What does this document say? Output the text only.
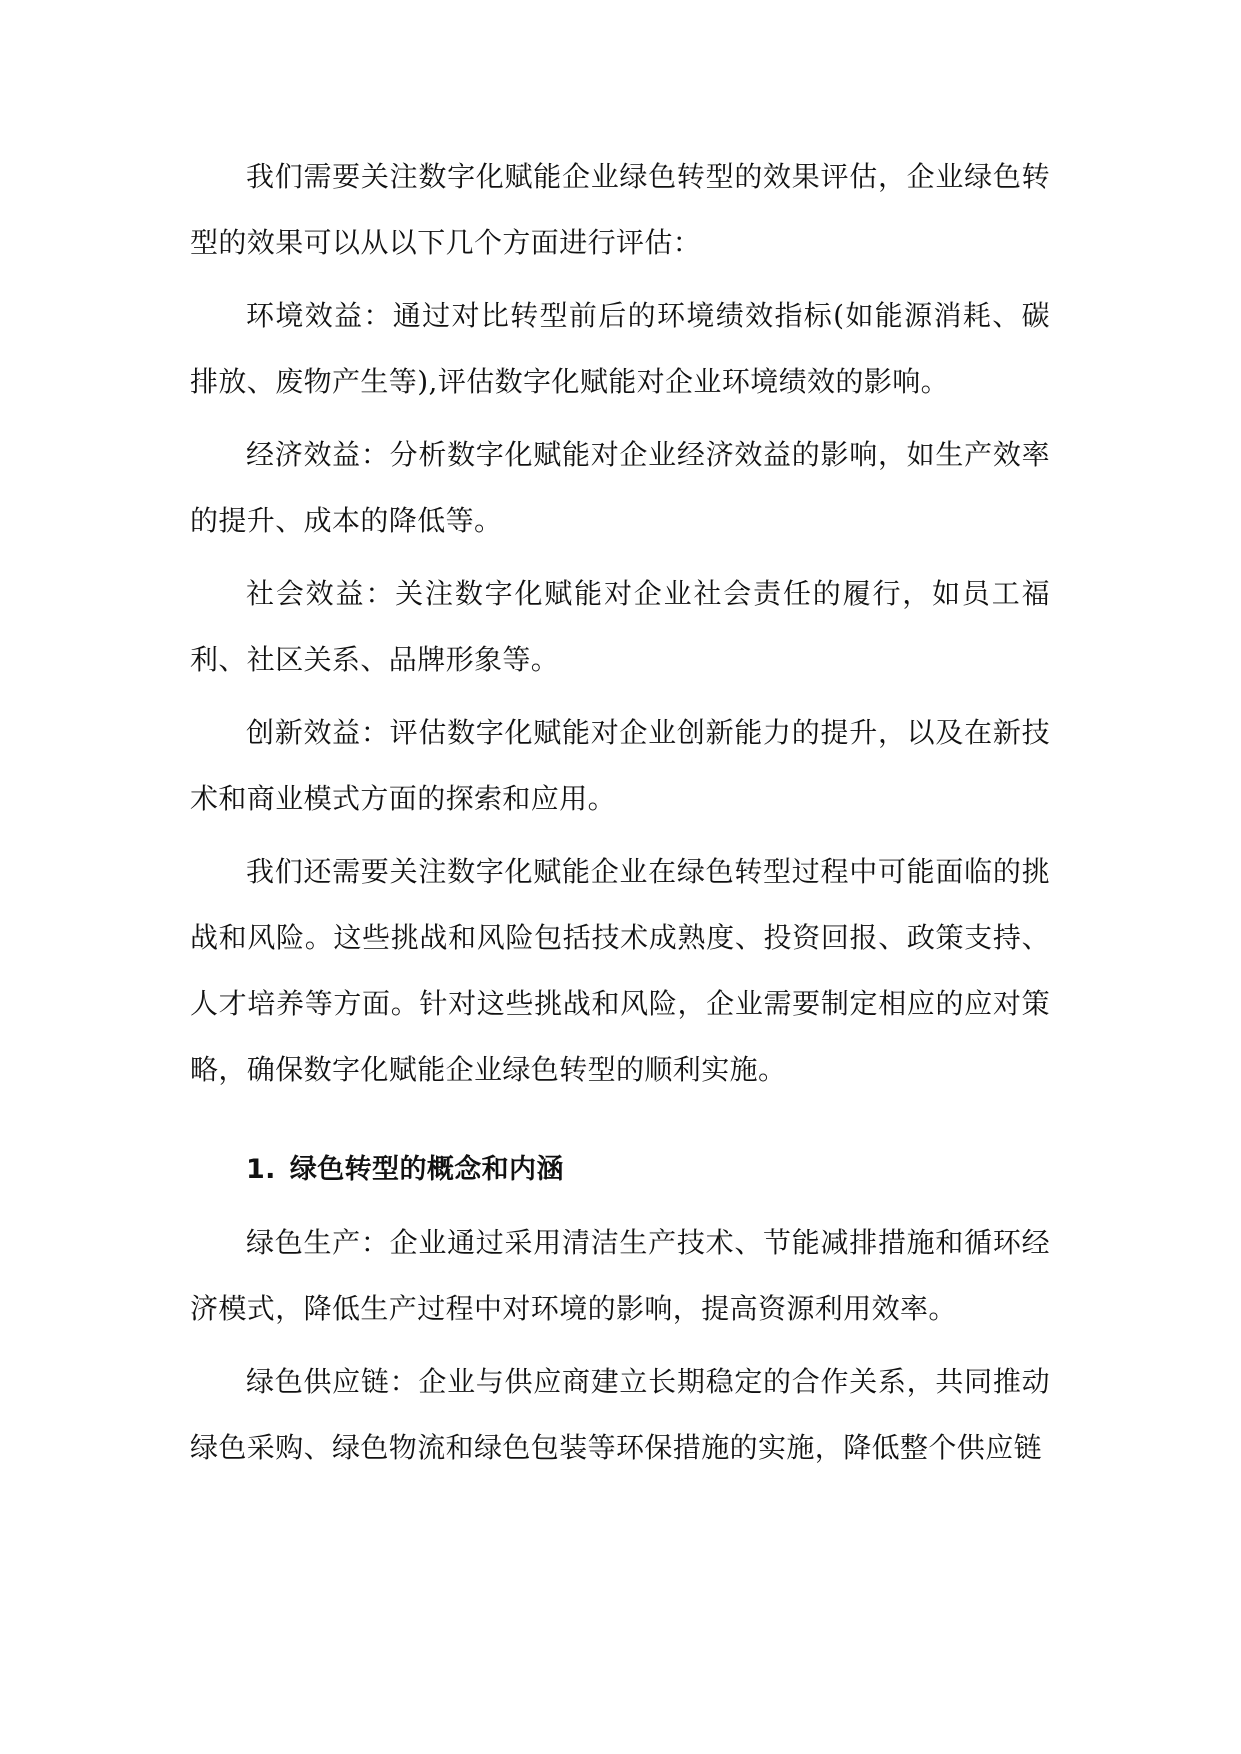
我们需要关注数字化赋能企业绿色转型的效果评估，企业绿色转型的效果可以从以下几个方面进行评估：

环境效益：通过对比转型前后的环境绩效指标(如能源消耗、碳排放、废物产生等),评估数字化赋能对企业环境绩效的影响。

经济效益：分析数字化赋能对企业经济效益的影响，如生产效率的提升、成本的降低等。

社会效益：关注数字化赋能对企业社会责任的履行，如员工福利、社区关系、品牌形象等。

创新效益：评估数字化赋能对企业创新能力的提升，以及在新技术和商业模式方面的探索和应用。

我们还需要关注数字化赋能企业在绿色转型过程中可能面临的挑战和风险。这些挑战和风险包括技术成熟度、投资回报、政策支持、人才培养等方面。针对这些挑战和风险，企业需要制定相应的应对策略，确保数字化赋能企业绿色转型的顺利实施。

1. 绿色转型的概念和内涵

绿色生产：企业通过采用清洁生产技术、节能减排措施和循环经济模式，降低生产过程中对环境的影响，提高资源利用效率。

绿色供应链：企业与供应商建立长期稳定的合作关系，共同推动绿色采购、绿色物流和绿色包装等环保措施的实施，降低整个供应链
